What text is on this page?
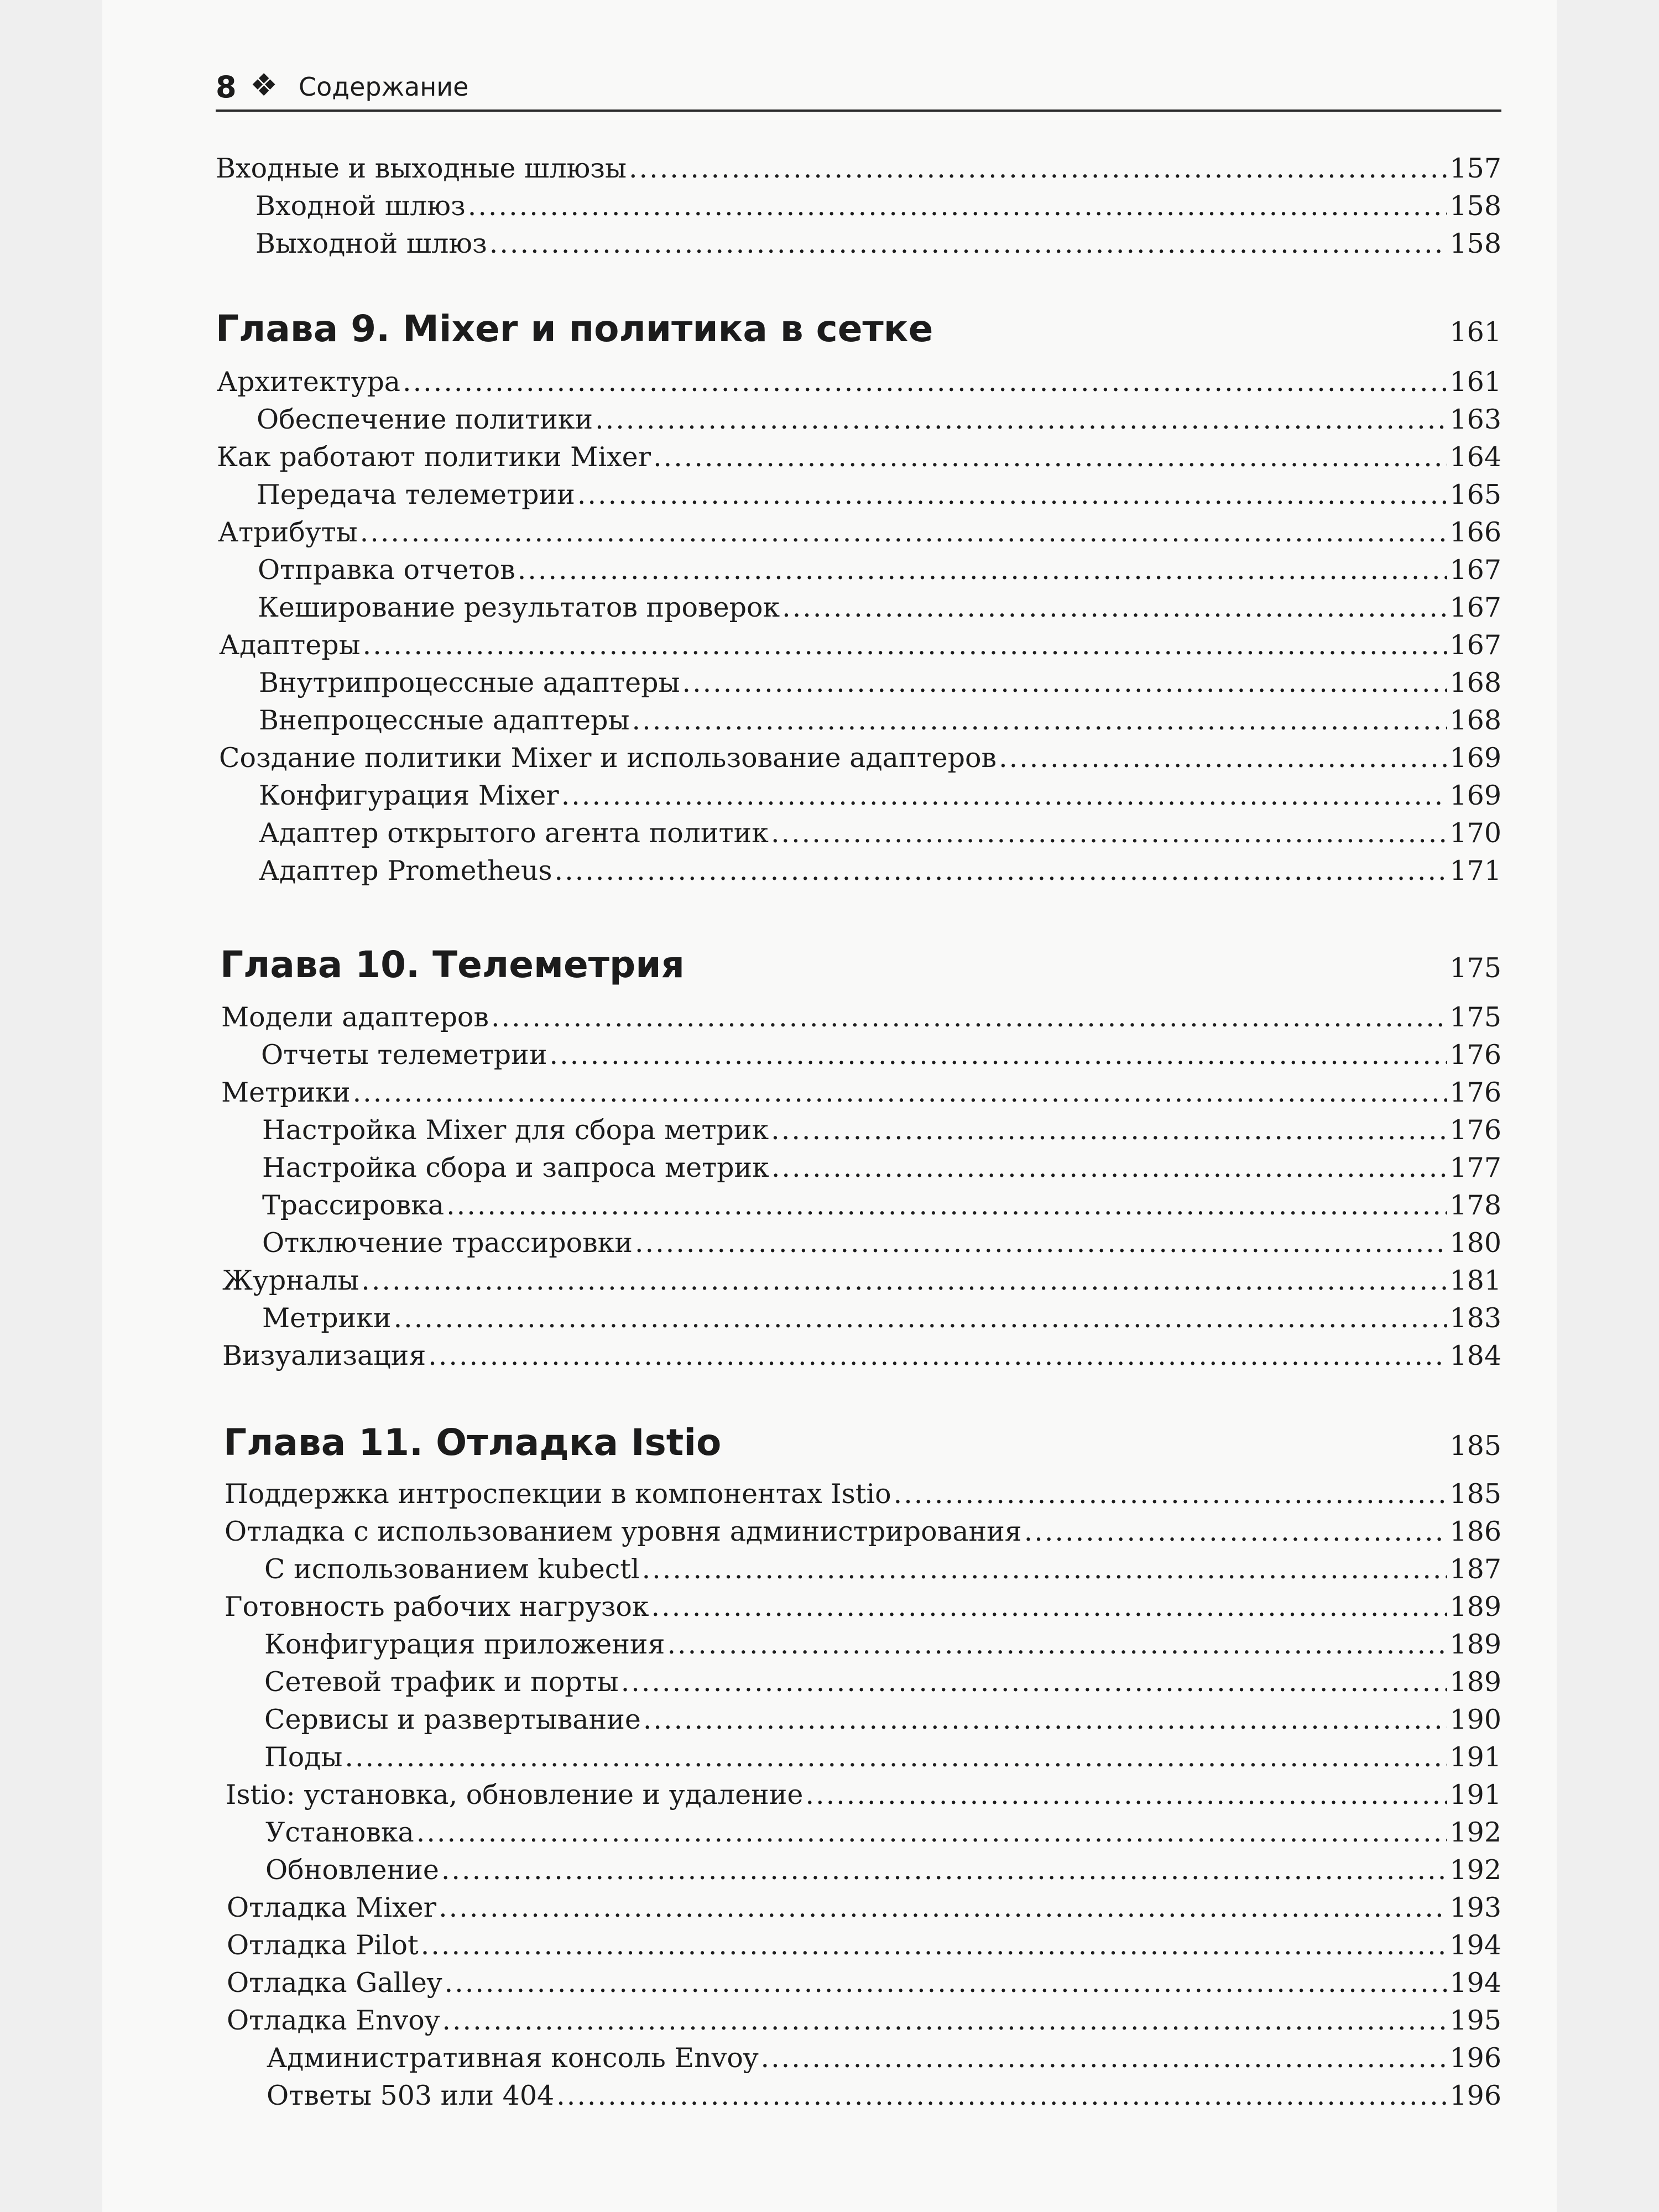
8 ❖ Содержание
Входные и выходные шлюзы .....	157
Входной шлюз .....	158
Выходной шлюз .....	158
Глава 9. Mixer и политика в сетке .....	161
Архитектура .....	161
Обеспечение политики .....	163
Как работают политики Mixer .....	164
Передача телеметрии .....	165
Атрибуты .....	166
Отправка отчетов .....	167
Кеширование результатов проверок .....	167
Адаптеры .....	167
Внутрипроцессные адаптеры .....	168
Внепроцессные адаптеры .....	168
Создание политики Mixer и использование адаптеров .....	169
Конфигурация Mixer .....	169
Адаптер открытого агента политик .....	170
Адаптер Prometheus .....	171
Глава 10. Телеметрия .....	175
Модели адаптеров .....	175
Отчеты телеметрии .....	176
Метрики .....	176
Настройка Mixer для сбора метрик .....	176
Настройка сбора и запроса метрик .....	177
Трассировка .....	178
Отключение трассировки .....	180
Журналы .....	181
Метрики .....	183
Визуализация .....	184
Глава 11. Отладка Istio .....	185
Поддержка интроспекции в компонентах Istio .....	185
Отладка с использованием уровня администрирования .....	186
С использованием kubectl .....	187
Готовность рабочих нагрузок .....	189
Конфигурация приложения .....	189
Сетевой трафик и порты .....	189
Сервисы и развертывание .....	190
Поды .....	191
Istio: установка, обновление и удаление .....	191
Установка .....	192
Обновление .....	192
Отладка Mixer .....	193
Отладка Pilot .....	194
Отладка Galley .....	194
Отладка Envoy .....	195
Административная консоль Envoy .....	196
Ответы 503 или 404 .....	196
